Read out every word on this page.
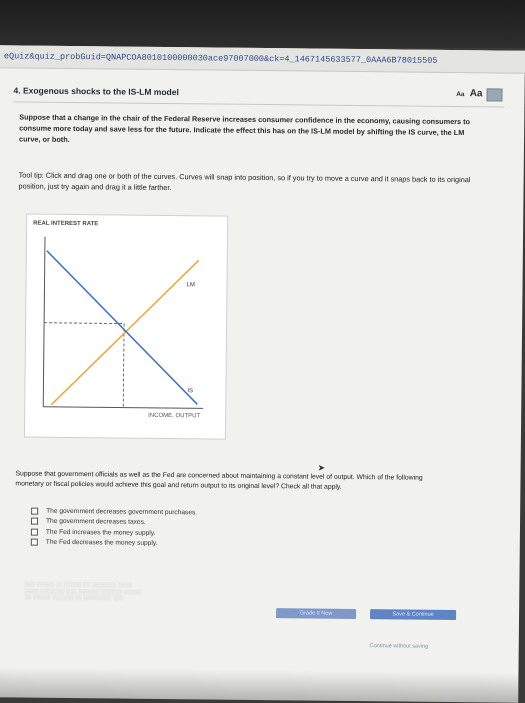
eQuiz&quiz_probGuid=QNAPCOA8010100000030ace97007000&ck=4_1467145633577_0AAA6B78015505
4. Exogenous shocks to the IS-LM model	Aa Aa
Suppose that a change in the chair of the Federal Reserve increases consumer confidence in the economy, causing consumers to consume more today and save less for the future. Indicate the effect this has on the IS-LM model by shifting the IS curve, the LM curve, or both.
Tool tip: Click and drag one or both of the curves. Curves will snap into position, so if you try to move a curve and it snaps back to its original position, just try again and drag it a little farther.
REAL INTEREST RATE
LM
IS
INCOME, OUTPUT
➤
Suppose that government officials as well as the Fed are concerned about maintaining a constant level of output. Which of the following monetary or fiscal policies would achieve this goal and return output to its original level? Check all that apply.
The government decreases government purchases.
The government decreases taxes.
The Fed increases the money supply.
The Fed decreases the money supply.
░░░ ░░░░░ ░░ ░░░░░ ░░ ░░░░░░░ ░░░░
░░░░ ░░░░░░░ ░░░ ░░░░░░ ░░░░░░ ░░░░░
░░ ░░░░░ ░░░░░░ ░░ ░░░░░░░░ ░░░
Grade It Now	Save & Continue
Continue without saving
